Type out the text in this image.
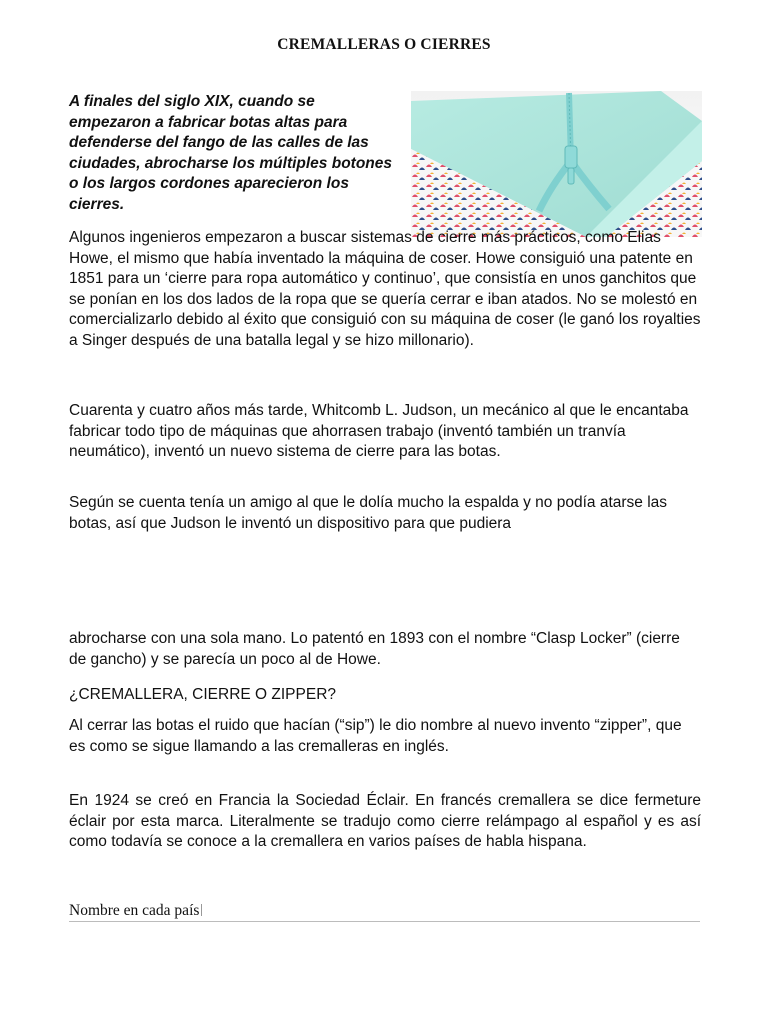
CREMALLERAS O CIERRES

A finales del siglo XIX, cuando se empezaron a fabricar botas altas para defenderse del fango de las calles de las ciudades, abrocharse los múltiples botones o los largos cordones aparecieron los cierres.

Algunos ingenieros empezaron a buscar sistemas de cierre más prácticos, como Elias Howe, el mismo que había inventado la máquina de coser. Howe consiguió una patente en 1851 para un ‘cierre para ropa automático y continuo’, que consistía en unos ganchitos que se ponían en los dos lados de la ropa que se quería cerrar e iban atados. No se molestó en comercializarlo debido al éxito que consiguió con su máquina de coser (le ganó los royalties a Singer después de una batalla legal y se hizo millonario).

Cuarenta y cuatro años más tarde, Whitcomb L. Judson, un mecánico al que le encantaba fabricar todo tipo de máquinas que ahorrasen trabajo (inventó también un tranvía neumático), inventó un nuevo sistema de cierre para las botas.

Según se cuenta tenía un amigo al que le dolía mucho la espalda y no podía atarse las botas, así que Judson le inventó un dispositivo para que pudiera

abrocharse con una sola mano. Lo patentó en 1893 con el nombre “Clasp Locker” (cierre de gancho) y se parecía un poco al de Howe.

¿CREMALLERA, CIERRE O ZIPPER?

Al cerrar las botas el ruido que hacían (“sip”) le dio nombre al nuevo invento “zipper”, que es como se sigue llamando a las cremalleras en inglés.

En 1924 se creó en Francia la Sociedad Éclair. En francés cremallera se dice fermeture éclair por esta marca. Literalmente se tradujo como cierre relámpago al español y es así como todavía se conoce a la cremallera en varios países de habla hispana.

Nombre en cada país
